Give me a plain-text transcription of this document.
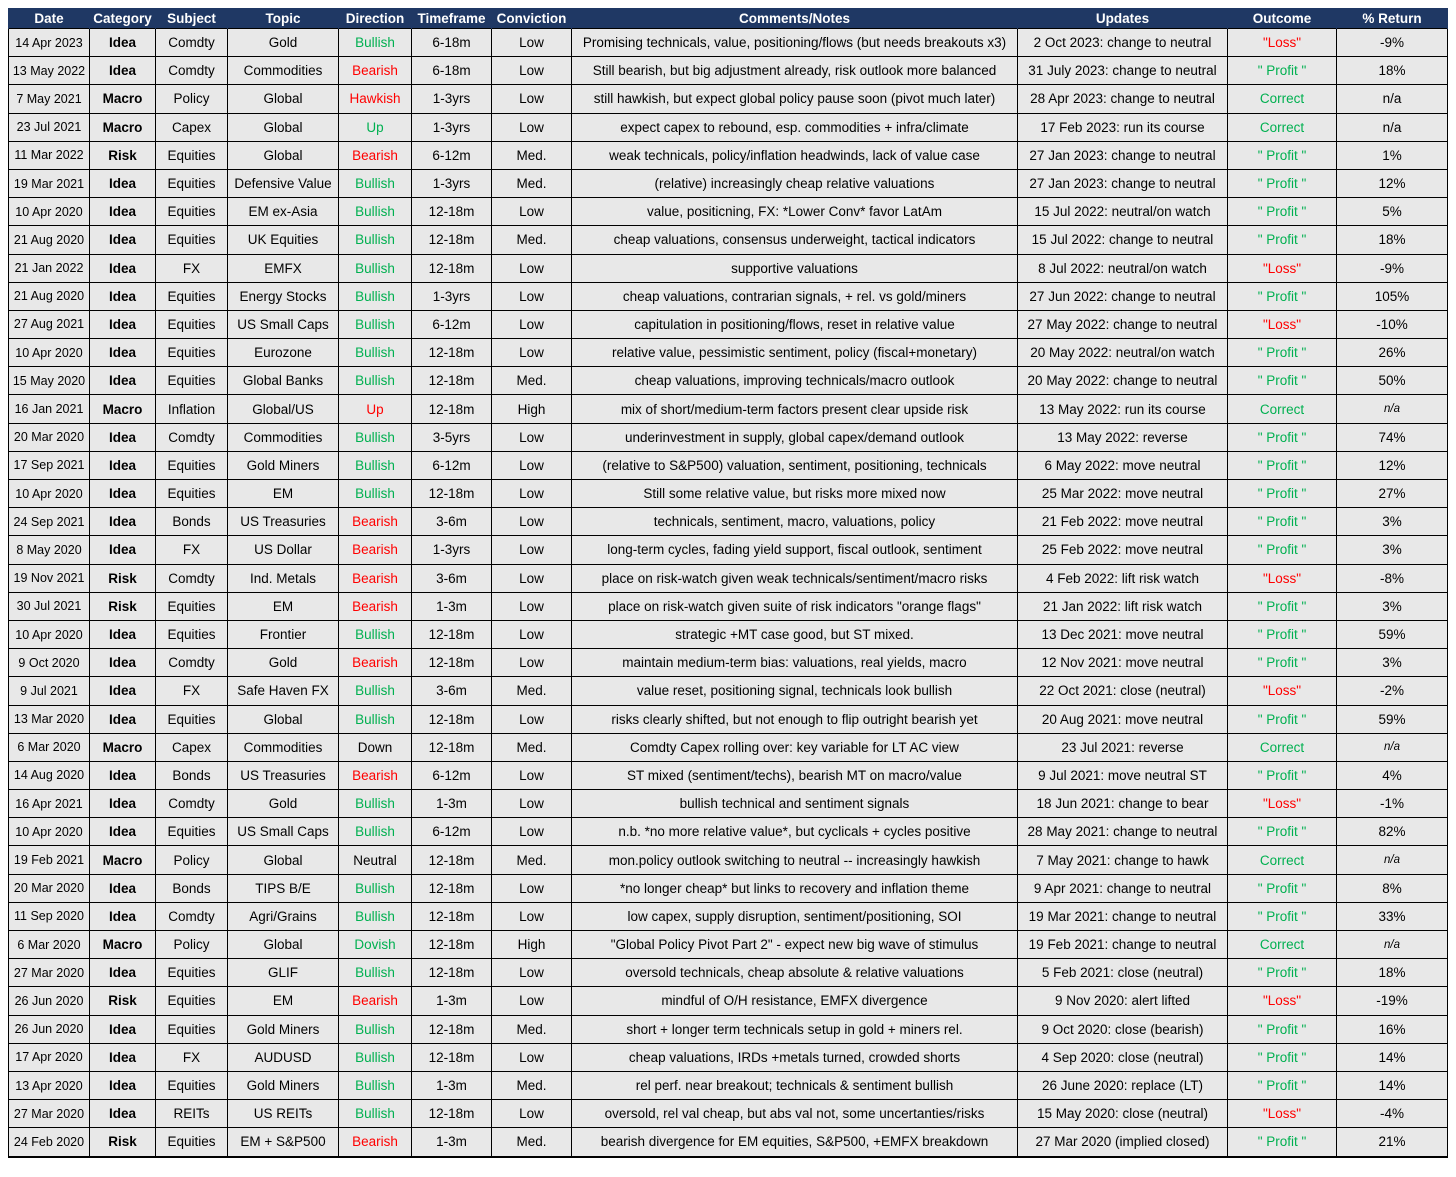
Date	Category	Subject	Topic	Direction	Timeframe	Conviction	Comments/Notes	Updates	Outcome	% Return
14 Apr 2023	Idea	Comdty	Gold	Bullish	6-18m	Low	Promising technicals, value, positioning/flows (but needs breakouts x3)	2 Oct 2023: change to neutral	"Loss"	-9%
13 May 2022	Idea	Comdty	Commodities	Bearish	6-18m	Low	Still bearish, but big adjustment already, risk outlook more balanced	31 July 2023: change to neutral	" Profit "	18%
7 May 2021	Macro	Policy	Global	Hawkish	1-3yrs	Low	still hawkish, but expect global policy pause soon (pivot much later)	28 Apr 2023: change to neutral	Correct	n/a
23 Jul 2021	Macro	Capex	Global	Up	1-3yrs	Low	expect capex to rebound, esp. commodities + infra/climate	17 Feb 2023: run its course	Correct	n/a
11 Mar 2022	Risk	Equities	Global	Bearish	6-12m	Med.	weak technicals, policy/inflation headwinds, lack of value case	27 Jan 2023: change to neutral	" Profit "	1%
19 Mar 2021	Idea	Equities	Defensive Value	Bullish	1-3yrs	Med.	(relative) increasingly cheap relative valuations	27 Jan 2023: change to neutral	" Profit "	12%
10 Apr 2020	Idea	Equities	EM ex-Asia	Bullish	12-18m	Low	value, positicning, FX: *Lower Conv* favor LatAm	15 Jul 2022: neutral/on watch	" Profit "	5%
21 Aug 2020	Idea	Equities	UK Equities	Bullish	12-18m	Med.	cheap valuations, consensus underweight, tactical indicators	15 Jul 2022: change to neutral	" Profit "	18%
21 Jan 2022	Idea	FX	EMFX	Bullish	12-18m	Low	supportive valuations	8 Jul 2022: neutral/on watch	"Loss"	-9%
21 Aug 2020	Idea	Equities	Energy Stocks	Bullish	1-3yrs	Low	cheap valuations, contrarian signals, + rel. vs gold/miners	27 Jun 2022: change to neutral	" Profit "	105%
27 Aug 2021	Idea	Equities	US Small Caps	Bullish	6-12m	Low	capitulation in positioning/flows, reset in relative value	27 May 2022: change to neutral	"Loss"	-10%
10 Apr 2020	Idea	Equities	Eurozone	Bullish	12-18m	Low	relative value, pessimistic sentiment, policy (fiscal+monetary)	20 May 2022: neutral/on watch	" Profit "	26%
15 May 2020	Idea	Equities	Global Banks	Bullish	12-18m	Med.	cheap valuations, improving technicals/macro outlook	20 May 2022: change to neutral	" Profit "	50%
16 Jan 2021	Macro	Inflation	Global/US	Up	12-18m	High	mix of short/medium-term factors present clear upside risk	13 May 2022: run its course	Correct	n/a
20 Mar 2020	Idea	Comdty	Commodities	Bullish	3-5yrs	Low	underinvestment in supply, global capex/demand outlook	13 May 2022: reverse	" Profit "	74%
17 Sep 2021	Idea	Equities	Gold Miners	Bullish	6-12m	Low	(relative to S&P500) valuation, sentiment, positioning, technicals	6 May 2022: move neutral	" Profit "	12%
10 Apr 2020	Idea	Equities	EM	Bullish	12-18m	Low	Still some relative value, but risks more mixed now	25 Mar 2022: move neutral	" Profit "	27%
24 Sep 2021	Idea	Bonds	US Treasuries	Bearish	3-6m	Low	technicals, sentiment, macro, valuations, policy	21 Feb 2022: move neutral	" Profit "	3%
8 May 2020	Idea	FX	US Dollar	Bearish	1-3yrs	Low	long-term cycles, fading yield support, fiscal outlook, sentiment	25 Feb 2022: move neutral	" Profit "	3%
19 Nov 2021	Risk	Comdty	Ind. Metals	Bearish	3-6m	Low	place on risk-watch given weak technicals/sentiment/macro risks	4 Feb 2022: lift risk watch	"Loss"	-8%
30 Jul 2021	Risk	Equities	EM	Bearish	1-3m	Low	place on risk-watch given suite of risk indicators "orange flags"	21 Jan 2022: lift risk watch	" Profit "	3%
10 Apr 2020	Idea	Equities	Frontier	Bullish	12-18m	Low	strategic +MT case good, but ST mixed.	13 Dec 2021: move neutral	" Profit "	59%
9 Oct 2020	Idea	Comdty	Gold	Bearish	12-18m	Low	maintain medium-term bias: valuations, real yields, macro	12 Nov 2021: move neutral	" Profit "	3%
9 Jul 2021	Idea	FX	Safe Haven FX	Bullish	3-6m	Med.	value reset, positioning signal, technicals look bullish	22 Oct 2021: close (neutral)	"Loss"	-2%
13 Mar 2020	Idea	Equities	Global	Bullish	12-18m	Low	risks clearly shifted, but not enough to flip outright bearish yet	20 Aug 2021: move neutral	" Profit "	59%
6 Mar 2020	Macro	Capex	Commodities	Down	12-18m	Med.	Comdty Capex rolling over: key variable for LT AC view	23 Jul 2021: reverse	Correct	n/a
14 Aug 2020	Idea	Bonds	US Treasuries	Bearish	6-12m	Low	ST mixed (sentiment/techs), bearish MT on macro/value	9 Jul 2021: move neutral ST	" Profit "	4%
16 Apr 2021	Idea	Comdty	Gold	Bullish	1-3m	Low	bullish technical and sentiment signals	18 Jun 2021: change to bear	"Loss"	-1%
10 Apr 2020	Idea	Equities	US Small Caps	Bullish	6-12m	Low	n.b. *no more relative value*, but cyclicals + cycles positive	28 May 2021: change to neutral	" Profit "	82%
19 Feb 2021	Macro	Policy	Global	Neutral	12-18m	Med.	mon.policy outlook switching to neutral -- increasingly hawkish	7 May 2021: change to hawk	Correct	n/a
20 Mar 2020	Idea	Bonds	TIPS B/E	Bullish	12-18m	Low	*no longer cheap* but links to recovery and inflation theme	9 Apr 2021: change to neutral	" Profit "	8%
11 Sep 2020	Idea	Comdty	Agri/Grains	Bullish	12-18m	Low	low capex, supply disruption, sentiment/positioning, SOI	19 Mar 2021: change to neutral	" Profit "	33%
6 Mar 2020	Macro	Policy	Global	Dovish	12-18m	High	"Global Policy Pivot Part 2" - expect new big wave of stimulus	19 Feb 2021: change to neutral	Correct	n/a
27 Mar 2020	Idea	Equities	GLIF	Bullish	12-18m	Low	oversold technicals, cheap absolute & relative valuations	5 Feb 2021: close (neutral)	" Profit "	18%
26 Jun 2020	Risk	Equities	EM	Bearish	1-3m	Low	mindful of O/H resistance, EMFX divergence	9 Nov 2020: alert lifted	"Loss"	-19%
26 Jun 2020	Idea	Equities	Gold Miners	Bullish	12-18m	Med.	short + longer term technicals setup in gold + miners rel.	9 Oct 2020: close (bearish)	" Profit "	16%
17 Apr 2020	Idea	FX	AUDUSD	Bullish	12-18m	Low	cheap valuations, IRDs +metals turned, crowded shorts	4 Sep 2020: close (neutral)	" Profit "	14%
13 Apr 2020	Idea	Equities	Gold Miners	Bullish	1-3m	Med.	rel perf. near breakout; technicals & sentiment bullish	26 June 2020: replace (LT)	" Profit "	14%
27 Mar 2020	Idea	REITs	US REITs	Bullish	12-18m	Low	oversold, rel val cheap, but abs val not, some uncertanties/risks	15 May 2020: close (neutral)	"Loss"	-4%
24 Feb 2020	Risk	Equities	EM + S&P500	Bearish	1-3m	Med.	bearish divergence for EM equities, S&P500, +EMFX breakdown	27 Mar 2020 (implied closed)	" Profit "	21%
